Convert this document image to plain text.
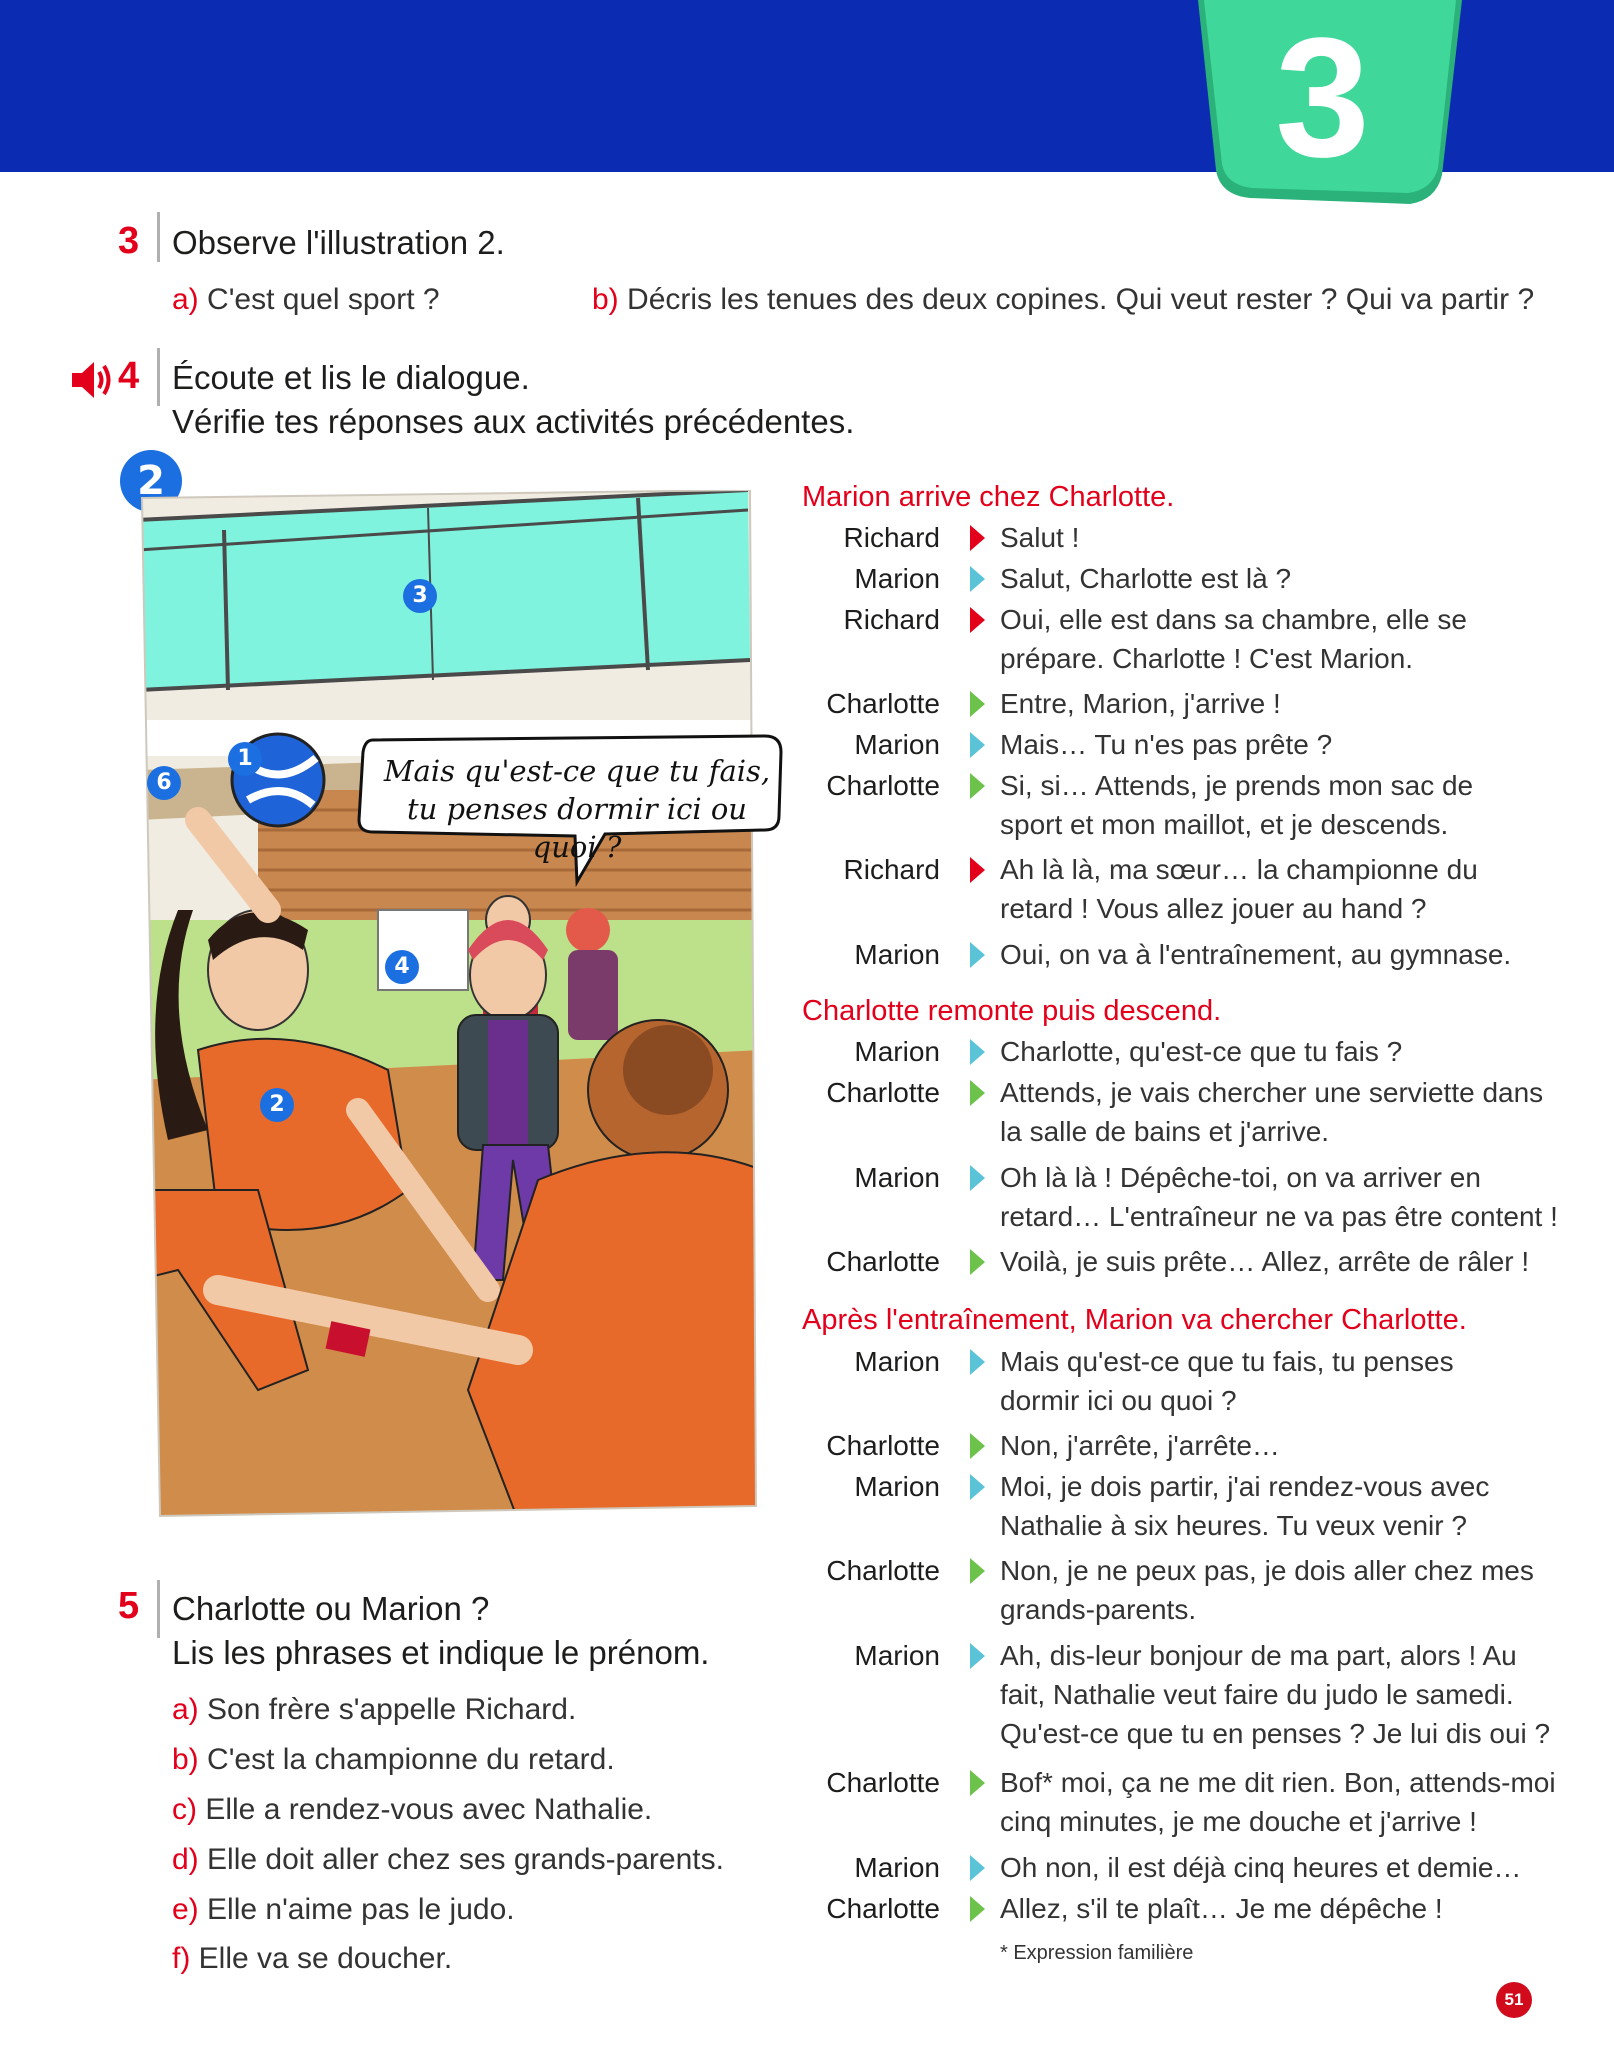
3
3 Observe l'illustration 2.
a) C'est quel sport ?	b) Décris les tenues des deux copines. Qui veut rester ? Qui va partir ?
4 Écoute et lis le dialogue.
Vérifie tes réponses aux activités précédentes.
2
Mais qu'est-ce que tu fais, tu penses dormir ici ou quoi ?
1
2
3
4
6
Marion arrive chez Charlotte.
Charlotte remonte puis descend.
Après l'entraînement, Marion va chercher Charlotte.
Richard Salut !
Marion Salut, Charlotte est là ?
Richard Oui, elle est dans sa chambre, elle se
prépare. Charlotte ! C'est Marion.
Charlotte Entre, Marion, j'arrive !
Marion Mais… Tu n'es pas prête ?
Charlotte Si, si… Attends, je prends mon sac de
sport et mon maillot, et je descends.
Richard Ah là là, ma sœur… la championne du
retard ! Vous allez jouer au hand ?
Marion Oui, on va à l'entraînement, au gymnase.
Marion Charlotte, qu'est-ce que tu fais ?
Charlotte Attends, je vais chercher une serviette dans
la salle de bains et j'arrive.
Marion Oh là là ! Dépêche-toi, on va arriver en
retard… L'entraîneur ne va pas être content !
Charlotte Voilà, je suis prête… Allez, arrête de râler !
Marion Mais qu'est-ce que tu fais, tu penses
dormir ici ou quoi ?
Charlotte Non, j'arrête, j'arrête…
Marion Moi, je dois partir, j'ai rendez-vous avec
Nathalie à six heures. Tu veux venir ?
Charlotte Non, je ne peux pas, je dois aller chez mes
grands-parents.
Marion Ah, dis-leur bonjour de ma part, alors ! Au
fait, Nathalie veut faire du judo le samedi.
Qu'est-ce que tu en penses ? Je lui dis oui ?
Charlotte Bof* moi, ça ne me dit rien. Bon, attends-moi
cinq minutes, je me douche et j'arrive !
Marion Oh non, il est déjà cinq heures et demie…
Charlotte Allez, s'il te plaît… Je me dépêche !
* Expression familière
5 Charlotte ou Marion ?
Lis les phrases et indique le prénom.
a) Son frère s'appelle Richard.
b) C'est la championne du retard.
c) Elle a rendez-vous avec Nathalie.
d) Elle doit aller chez ses grands-parents.
e) Elle n'aime pas le judo.
f) Elle va se doucher.
51
